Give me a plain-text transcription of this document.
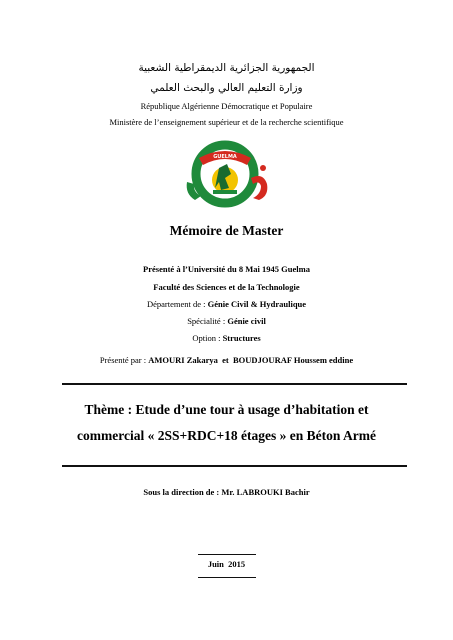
الجمهورية الجزائرية الديمقراطية الشعبية
وزارة التعليم العالي والبحث العلمي
République Algérienne Démocratique et Populaire
Ministère de l’enseignement supérieur et de la recherche scientifique
GUELMA
Mémoire de Master
Présenté à l’Université du 8 Mai 1945 Guelma
Faculté des Sciences et de la Technologie
Département de : Génie Civil & Hydraulique
Spécialité : Génie civil
Option : Structures
Présenté par : AMOURI Zakarya  et  BOUDJOURAF Houssem eddine
Thème : Etude d’une tour à usage d’habitation et
commercial « 2SS+RDC+18 étages » en Béton Armé
Sous la direction de : Mr. LABROUKI Bachir
Juin  2015
